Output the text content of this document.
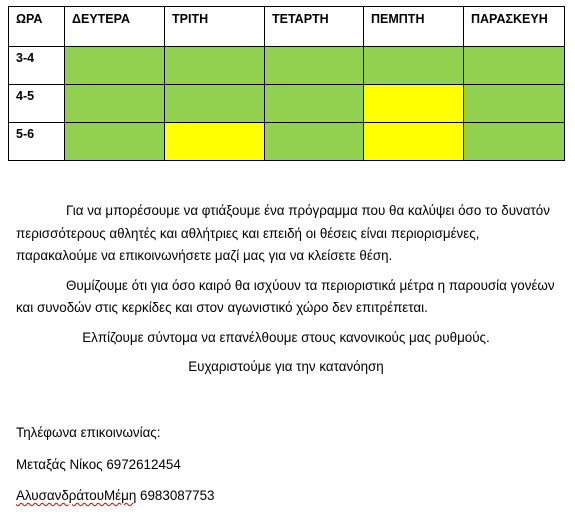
ΩΡΑ	ΔΕΥΤΕΡΑ	ΤΡΙΤΗ	ΤΕΤΑΡΤΗ	ΠΕΜΠΤΗ	ΠΑΡΑΣΚΕΥΗ
3-4					
4-5					
5-6					

Για να μπορέσουμε να φτιάξουμε ένα πρόγραμμα που θα καλύψει όσο το δυνατόν περισσότερους αθλητές και αθλήτριες και επειδή οι θέσεις είναι περιορισμένες, παρακαλούμε να επικοινωνήσετε μαζί μας για να κλείσετε θέση.

Θυμίζουμε ότι για όσο καιρό θα ισχύουν τα περιοριστικά μέτρα η παρουσία γονέων και συνοδών στις κερκίδες και στον αγωνιστικό χώρο δεν επιτρέπεται.

Ελπίζουμε σύντομα να επανέλθουμε στους κανονικούς μας ρυθμούς.

Ευχαριστούμε για την κατανόηση

Τηλέφωνα επικοινωνίας:
Μεταξάς Νίκος 6972612454
ΑλυσανδράτουΜέμη 6983087753
